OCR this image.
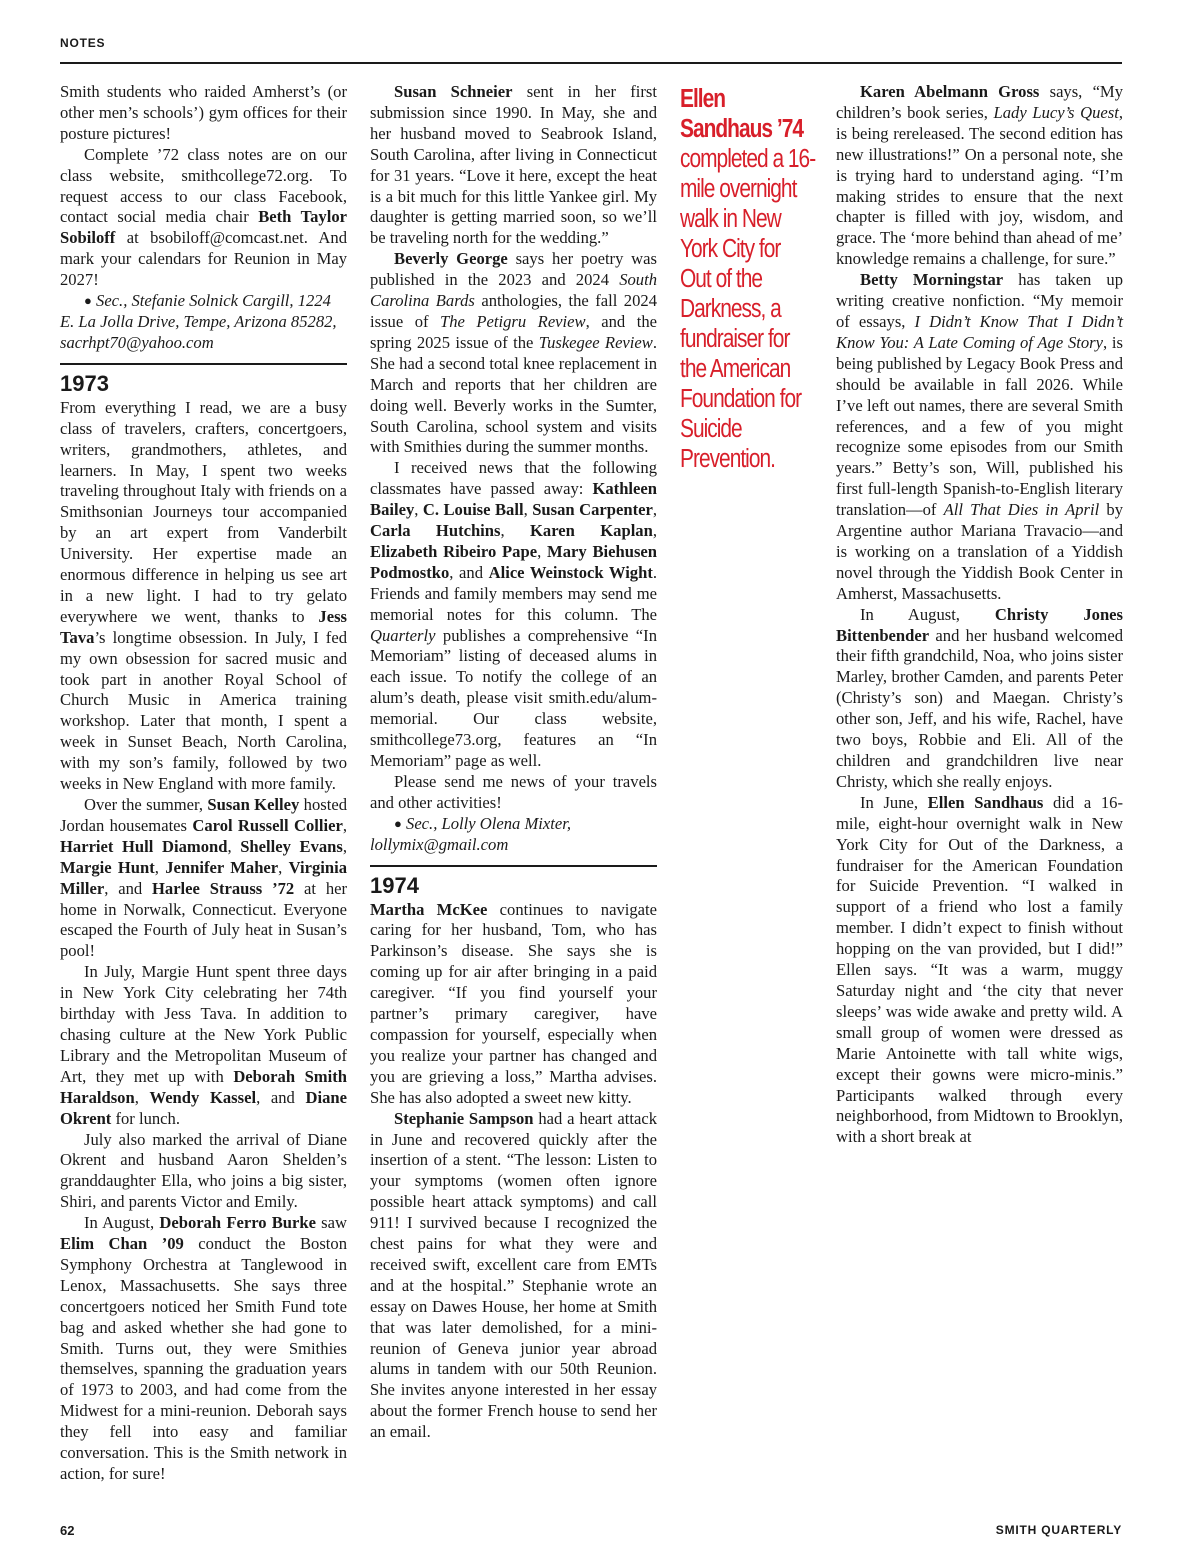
NOTES

Smith students who raided Amherst’s (or other men’s schools’) gym offices for their posture pictures!

Complete ’72 class notes are on our class website, smithcollege72.org. To request access to our class Facebook, contact social media chair Beth Taylor Sobiloff at bsobiloff@comcast.net. And mark your calendars for Reunion in May 2027!

● Sec., Stefanie Solnick Cargill, 1224 E. La Jolla Drive, Tempe, Arizona 85282, sacrhpt70@yahoo.com

1973

From everything I read, we are a busy class of travelers, crafters, concertgoers, writers, grandmothers, athletes, and learners. In May, I spent two weeks traveling throughout Italy with friends on a Smithsonian Journeys tour accompanied by an art expert from Vanderbilt University. Her expertise made an enormous difference in helping us see art in a new light. I had to try gelato everywhere we went, thanks to Jess Tava’s longtime obsession. In July, I fed my own obsession for sacred music and took part in another Royal School of Church Music in America training workshop. Later that month, I spent a week in Sunset Beach, North Carolina, with my son’s family, followed by two weeks in New England with more family.

Over the summer, Susan Kelley hosted Jordan housemates Carol Russell Collier, Harriet Hull Diamond, Shelley Evans, Margie Hunt, Jennifer Maher, Virginia Miller, and Harlee Strauss ’72 at her home in Norwalk, Connecticut. Everyone escaped the Fourth of July heat in Susan’s pool!

In July, Margie Hunt spent three days in New York City celebrating her 74th birthday with Jess Tava. In addition to chasing culture at the New York Public Library and the Metropolitan Museum of Art, they met up with Deborah Smith Haraldson, Wendy Kassel, and Diane Okrent for lunch.

July also marked the arrival of Diane Okrent and husband Aaron Shelden’s granddaughter Ella, who joins a big sister, Shiri, and parents Victor and Emily.

In August, Deborah Ferro Burke saw Elim Chan ’09 conduct the Boston Symphony Orchestra at Tanglewood in Lenox, Massachusetts. She says three concertgoers noticed her Smith Fund tote bag and asked whether she had gone to Smith. Turns out, they were Smithies themselves, spanning the graduation years of 1973 to 2003, and had come from the Midwest for a mini-reunion. Deborah says they fell into easy and familiar conversation. This is the Smith network in action, for sure!

Susan Schneier sent in her first submission since 1990. In May, she and her husband moved to Seabrook Island, South Carolina, after living in Connecticut for 31 years. “Love it here, except the heat is a bit much for this little Yankee girl. My daughter is getting married soon, so we’ll be traveling north for the wedding.”

Beverly George says her poetry was published in the 2023 and 2024 South Carolina Bards anthologies, the fall 2024 issue of The Petigru Review, and the spring 2025 issue of the Tuskegee Review. She had a second total knee replacement in March and reports that her children are doing well. Beverly works in the Sumter, South Carolina, school system and visits with Smithies during the summer months.

I received news that the following classmates have passed away: Kathleen Bailey, C. Louise Ball, Susan Carpenter, Carla Hutchins, Karen Kaplan, Elizabeth Ribeiro Pape, Mary Biehusen Podmostko, and Alice Weinstock Wight. Friends and family members may send me memorial notes for this column. The Quarterly publishes a comprehensive “In Memoriam” listing of deceased alums in each issue. To notify the college of an alum’s death, please visit smith.edu/alum-memorial. Our class website, smithcollege73.org, features an “In Memoriam” page as well.

Please send me news of your travels and other activities!

● Sec., Lolly Olena Mixter, lollymix@gmail.com

1974

Martha McKee continues to navigate caring for her husband, Tom, who has Parkinson’s disease. She says she is coming up for air after bringing in a paid caregiver. “If you find yourself your partner’s primary caregiver, have compassion for yourself, especially when you realize your partner has changed and you are grieving a loss,” Martha advises. She has also adopted a sweet new kitty.

Stephanie Sampson had a heart attack in June and recovered quickly after the insertion of a stent. “The lesson: Listen to your symptoms (women often ignore possible heart attack symptoms) and call 911! I survived because I recognized the chest pains for what they were and received swift, excellent care from EMTs and at the hospital.” Stephanie wrote an essay on Dawes House, her home at Smith that was later demolished, for a mini-reunion of Geneva junior year abroad alums in tandem with our 50th Reunion. She invites anyone interested in her essay about the former French house to send her an email.

Ellen Sandhaus ’74 completed a 16-mile overnight walk in New York City for Out of the Darkness, a fundraiser for the American Foundation for Suicide Prevention.

Karen Abelmann Gross says, “My children’s book series, Lady Lucy’s Quest, is being rereleased. The second edition has new illustrations!” On a personal note, she is trying hard to understand aging. “I’m making strides to ensure that the next chapter is filled with joy, wisdom, and grace. The ‘more behind than ahead of me’ knowledge remains a challenge, for sure.”

Betty Morningstar has taken up writing creative nonfiction. “My memoir of essays, I Didn’t Know That I Didn’t Know You: A Late Coming of Age Story, is being published by Legacy Book Press and should be available in fall 2026. While I’ve left out names, there are several Smith references, and a few of you might recognize some episodes from our Smith years.” Betty’s son, Will, published his first full-length Spanish-to-English literary translation—of All That Dies in April by Argentine author Mariana Travacio—and is working on a translation of a Yiddish novel through the Yiddish Book Center in Amherst, Massachusetts.

In August, Christy Jones Bittenbender and her husband welcomed their fifth grandchild, Noa, who joins sister Marley, brother Camden, and parents Peter (Christy’s son) and Maegan. Christy’s other son, Jeff, and his wife, Rachel, have two boys, Robbie and Eli. All of the children and grandchildren live near Christy, which she really enjoys.

In June, Ellen Sandhaus did a 16-mile, eight-hour overnight walk in New York City for Out of the Darkness, a fundraiser for the American Foundation for Suicide Prevention. “I walked in support of a friend who lost a family member. I didn’t expect to finish without hopping on the van provided, but I did!” Ellen says. “It was a warm, muggy Saturday night and ‘the city that never sleeps’ was wide awake and pretty wild. A small group of women were dressed as Marie Antoinette with tall white wigs, except their gowns were micro-minis.” Participants walked through every neighborhood, from Midtown to Brooklyn, with a short break at

62	SMITH QUARTERLY
